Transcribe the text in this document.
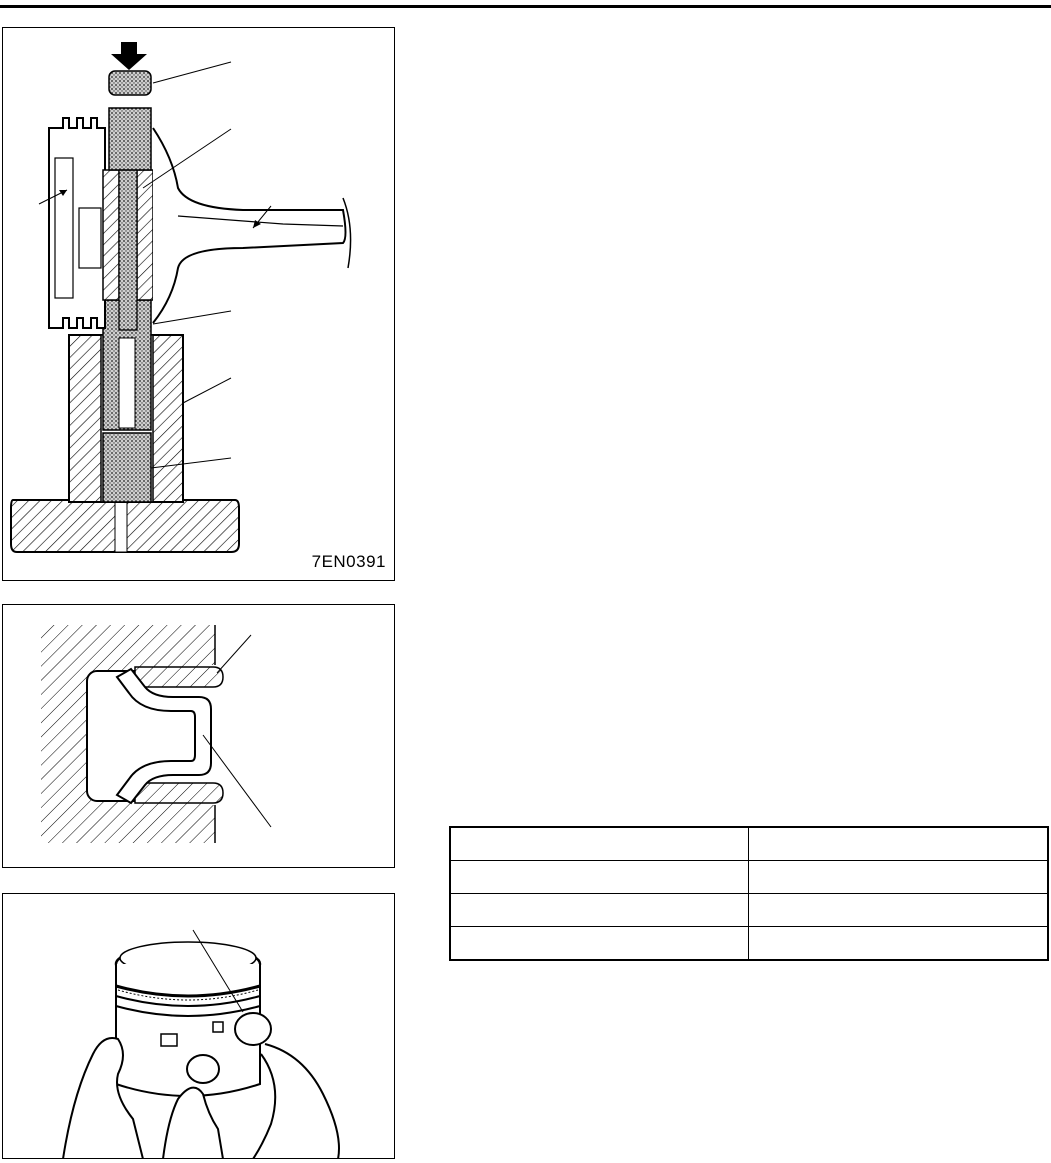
7EN0391
